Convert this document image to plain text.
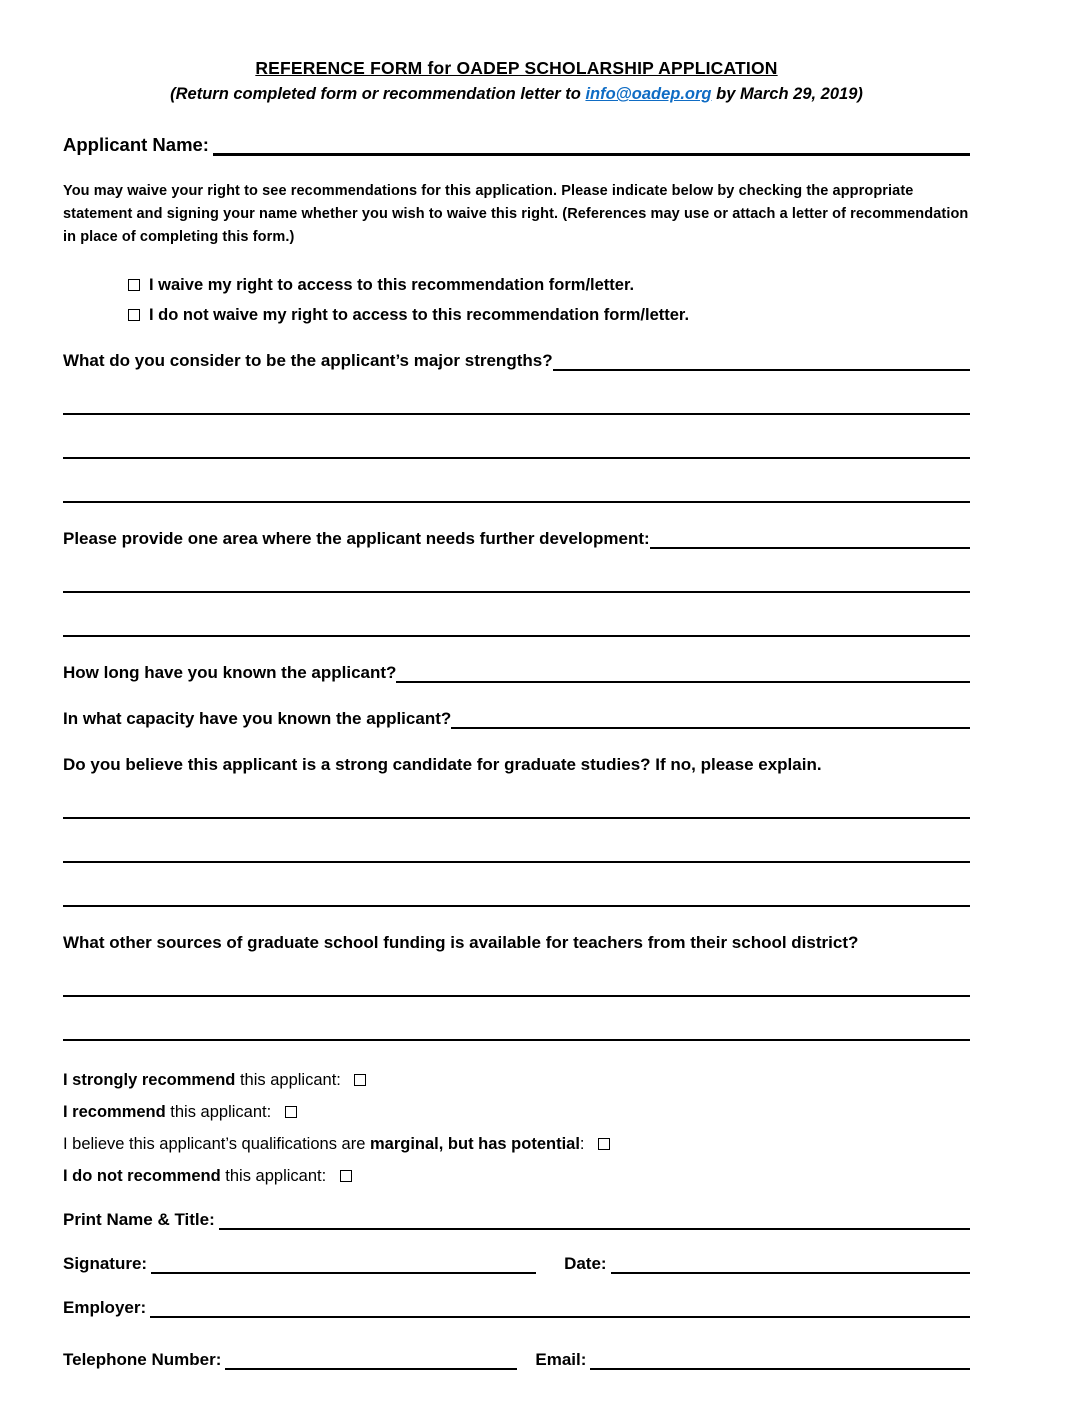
REFERENCE FORM for OADEP SCHOLARSHIP APPLICATION
(Return completed form or recommendation letter to info@oadep.org by March 29, 2019)
Applicant Name:

You may waive your right to see recommendations for this application. Please indicate below by checking the appropriate statement and signing your name whether you wish to waive this right. (References may use or attach a letter of recommendation in place of completing this form.)

I waive my right to access to this recommendation form/letter.
I do not waive my right to access to this recommendation form/letter.
What do you consider to be the applicant’s major strengths?
Please provide one area where the applicant needs further development:
How long have you known the applicant?
In what capacity have you known the applicant?
Do you believe this applicant is a strong candidate for graduate studies? If no, please explain.
What other sources of graduate school funding is available for teachers from their school district?
I strongly recommend this applicant:
I recommend this applicant:
I believe this applicant’s qualifications are marginal, but has potential :
I do not recommend this applicant:
Print Name & Title:
Signature:	Date:
Employer:
Telephone Number:	Email:
